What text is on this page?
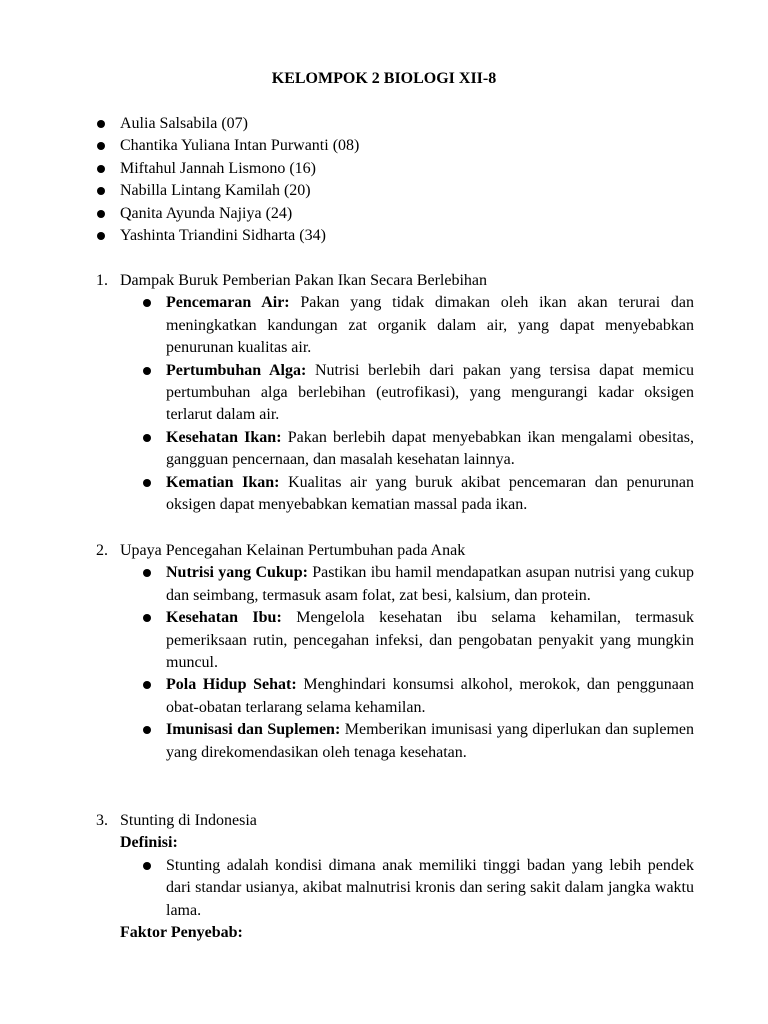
KELOMPOK 2 BIOLOGI XII-8
Aulia Salsabila (07)
Chantika Yuliana Intan Purwanti (08)
Miftahul Jannah Lismono (16)
Nabilla Lintang Kamilah (20)
Qanita Ayunda Najiya (24)
Yashinta Triandini Sidharta (34)
1. Dampak Buruk Pemberian Pakan Ikan Secara Berlebihan
Pencemaran Air: Pakan yang tidak dimakan oleh ikan akan terurai dan meningkatkan kandungan zat organik dalam air, yang dapat menyebabkan penurunan kualitas air.
Pertumbuhan Alga: Nutrisi berlebih dari pakan yang tersisa dapat memicu pertumbuhan alga berlebihan (eutrofikasi), yang mengurangi kadar oksigen terlarut dalam air.
Kesehatan Ikan: Pakan berlebih dapat menyebabkan ikan mengalami obesitas, gangguan pencernaan, dan masalah kesehatan lainnya.
Kematian Ikan: Kualitas air yang buruk akibat pencemaran dan penurunan oksigen dapat menyebabkan kematian massal pada ikan.
2. Upaya Pencegahan Kelainan Pertumbuhan pada Anak
Nutrisi yang Cukup: Pastikan ibu hamil mendapatkan asupan nutrisi yang cukup dan seimbang, termasuk asam folat, zat besi, kalsium, dan protein.
Kesehatan Ibu: Mengelola kesehatan ibu selama kehamilan, termasuk pemeriksaan rutin, pencegahan infeksi, dan pengobatan penyakit yang mungkin muncul.
Pola Hidup Sehat: Menghindari konsumsi alkohol, merokok, dan penggunaan obat-obatan terlarang selama kehamilan.
Imunisasi dan Suplemen: Memberikan imunisasi yang diperlukan dan suplemen yang direkomendasikan oleh tenaga kesehatan.
3. Stunting di Indonesia
Definisi:
Stunting adalah kondisi dimana anak memiliki tinggi badan yang lebih pendek dari standar usianya, akibat malnutrisi kronis dan sering sakit dalam jangka waktu lama.
Faktor Penyebab:
